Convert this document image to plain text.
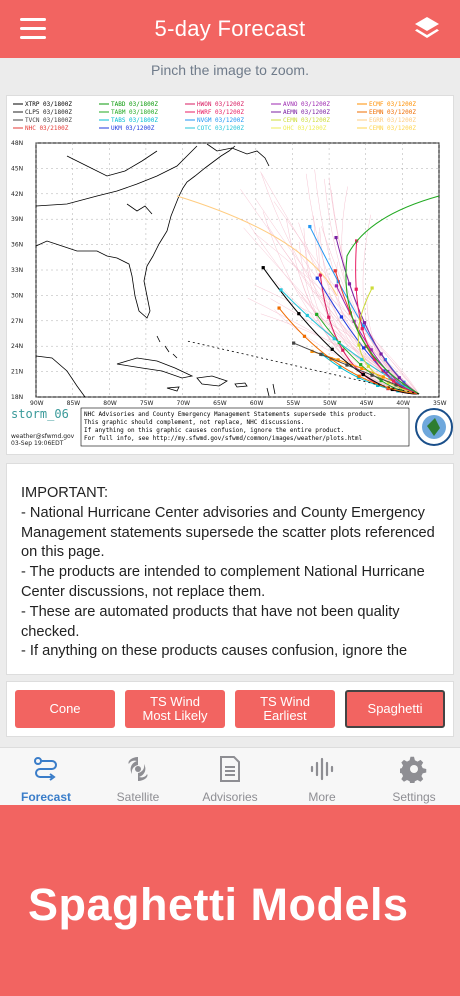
5-day Forecast
Pinch the image to zoom.
XTRP 03/1800Z	TABD 03/1800Z	HWON 03/1200Z	AVNO 03/1200Z	ECMF 03/1200Z
CLP5 03/1800Z	TABM 03/1800Z	HWRF 03/1200Z	AEMN 03/1200Z	EEMN 03/1200Z
TVCN 03/1800Z	TABS 03/1800Z	NVGM 03/1200Z	CEMN 03/1200Z	EGRR 03/1200Z
NHC 03/2100Z	UKM 03/1200Z	COTC 03/1200Z	OHC 03/1200Z	CEMN 03/1200Z
48N
45N
42N
39N
36N
33N
30N
27N
24N
21N
18N
90W	85W	80W	75W	70W	65W	60W	55W	50W	45W	40W	35W
storm_06
weather@sfwmd.gov
03-Sep 19:06EDT
NHC Advisories and County Emergency Management Statements supersede this product.
This graphic should complement, not replace, NHC discussions.
If anything on this graphic causes confusion, ignore the entire product.
For full info, see http://my.sfwmd.gov/sfwmd/common/images/weather/plots.html

IMPORTANT:

- National Hurricane Center advisories and County Emergency Management statements supersede the scatter plots referenced on this page.

- The products are intended to complement National Hurricane Center discussions, not replace them.

- These are automated products that have not been quality checked.

- If anything on these products causes confusion, ignore the

Cone	TS Wind
Most Likely
TS Wind
Earliest	Spaghetti
Forecast	Satellite	Advisories	More	Settings
Spaghetti Models
